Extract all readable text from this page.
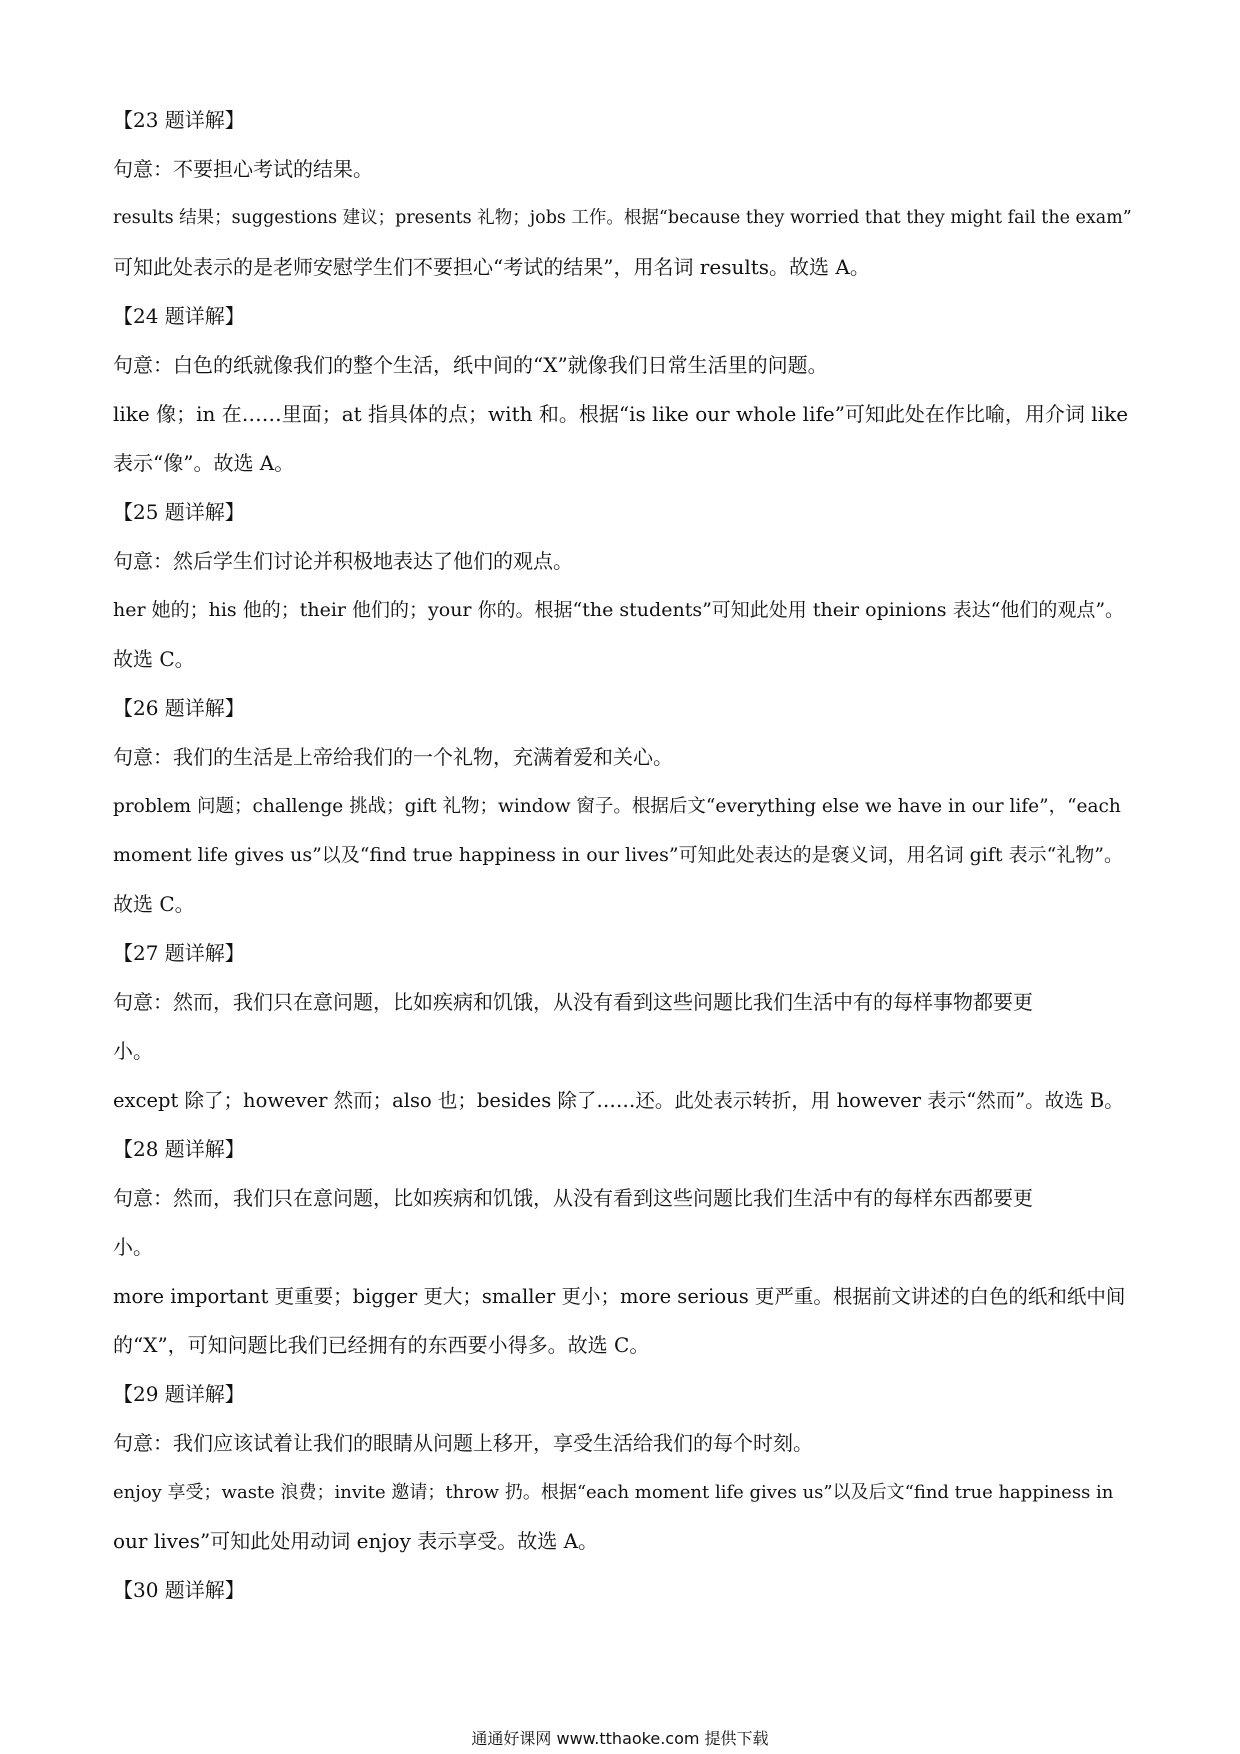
【23 题详解】
句意：不要担心考试的结果。
results 结果；suggestions 建议；presents 礼物；jobs 工作。根据“because they worried that they might fail the exam”
可知此处表示的是老师安慰学生们不要担心“考试的结果”，用名词 results。故选 A。
【24 题详解】
句意：白色的纸就像我们的整个生活，纸中间的“X”就像我们日常生活里的问题。
like 像；in 在……里面；at 指具体的点；with 和。根据“is like our whole life”可知此处在作比喻，用介词 like
表示“像”。故选 A。
【25 题详解】
句意：然后学生们讨论并积极地表达了他们的观点。
her 她的；his 他的；their 他们的；your 你的。根据“the students”可知此处用 their opinions 表达“他们的观点”。
故选 C。
【26 题详解】
句意：我们的生活是上帝给我们的一个礼物，充满着爱和关心。
problem 问题；challenge 挑战；gift 礼物；window 窗子。根据后文“everything else we have in our life”，“each
moment life gives us”以及“find true happiness in our lives”可知此处表达的是褒义词，用名词 gift 表示“礼物”。
故选 C。
【27 题详解】
句意：然而，我们只在意问题，比如疾病和饥饿，从没有看到这些问题比我们生活中有的每样事物都要更
小。
except 除了；however 然而；also 也；besides 除了……还。此处表示转折，用 however 表示“然而”。故选 B。
【28 题详解】
句意：然而，我们只在意问题，比如疾病和饥饿，从没有看到这些问题比我们生活中有的每样东西都要更
小。
more important 更重要；bigger 更大；smaller 更小；more serious 更严重。根据前文讲述的白色的纸和纸中间
的“X”，可知问题比我们已经拥有的东西要小得多。故选 C。
【29 题详解】
句意：我们应该试着让我们的眼睛从问题上移开，享受生活给我们的每个时刻。
enjoy 享受；waste 浪费；invite 邀请；throw 扔。根据“each moment life gives us”以及后文“find true happiness in
our lives”可知此处用动词 enjoy 表示享受。故选 A。
【30 题详解】
通通好课网 www.tthaoke.com 提供下载
